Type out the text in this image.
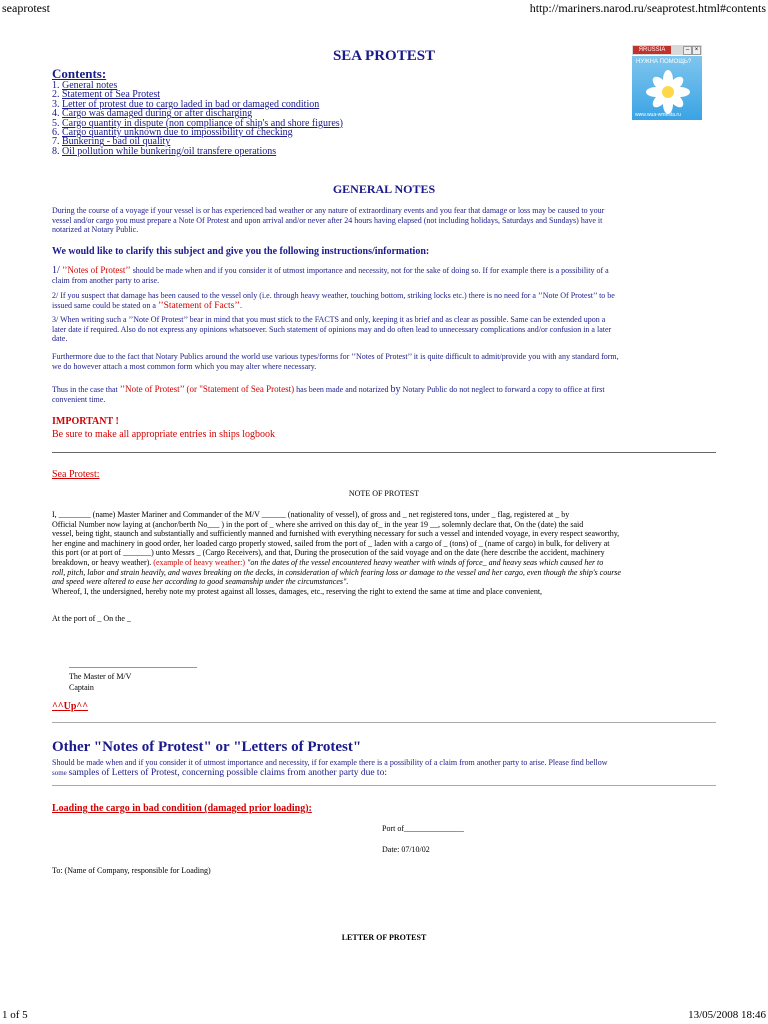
seaprotest	http://mariners.narod.ru/seaprotest.html#contents
SEA PROTEST
Contents:
1. General notes
2. Statement of Sea Protest
3. Letter of protest due to cargo laded in bad or damaged condition
4. Cargo was damaged during or after discharging
5. Cargo quantity in dispute (non compliance of ship's and shore figures)
6. Cargo quantity unknown due to impossibility of checking
7. Bunkering - bad oil quality
8. Oil pollution while bunkering/oil transfere operations
ЯRUSSIA	‒ ×
НУЖНА ПОМОЩЬ?
www.wua-wmesta.ru
GENERAL NOTES
During the course of a voyage if your vessel is or has experienced bad weather or any nature of extraordinary events and you fear that damage or loss may be caused to your
vessel and/or cargo you must prepare a Note Of Protest and upon arrival and/or never after 24 hours having elapsed (not including holidays, Saturdays and Sundays) have it
notarized at Notary Public.
We would like to clarify this subject and give you the following instructions/information:
1/ ’’Notes of Protest’’ should be made when and if you consider it of utmost importance and necessity, not for the sake of doing so. If for example there is a possibility of a
claim from another party to arise.
2/ If you suspect that damage has been caused to the vessel only (i.e. through heavy weather, touching bottom, striking locks etc.) there is no need for a ’’Note Of Protest’’ to be
issued same could be stated on a ’’Statement of Facts’’.
3/ When writing such a ’’Note Of Protest’’ bear in mind that you must stick to the FACTS and only, keeping it as brief and as clear as possible. Same can be extended upon a
later date if required. Also do not express any opinions whatsoever. Such statement of opinions may and do often lead to unnecessary complications and/or confusion in a later
date.
Furthermore due to the fact that Notary Publics around the world use various types/forms for ’’Notes of Protest’’ it is quite difficult to admit/provide you with any standard form,
we do however attach a most common form which you may alter where necessary.
Thus in the case that ’’Note of Protest’’ (or "Statement of Sea Protest) has been made and notarized by Notary Public do not neglect to forward a copy to office at first
convenient time.
IMPORTANT !
Be sure to make all appropriate entries in ships logbook
Sea Protest:
NOTE OF PROTEST
I, ________ (name) Master Mariner and Commander of the M/V ______ (nationality of vessel), of gross and _ net registered tons, under _ flag, registered at _ by
Official Number now laying at (anchor/berth No___ ) in the port of _ where she arrived on this day of_ in the year 19 __, solemnly declare that, On the (date) the said
vessel, being tight, staunch and substantially and sufficiently manned and furnished with everything necessary for such a vessel and intended voyage, in every respect seaworthy,
her engine and machinery in good order, her loaded cargo properly stowed, sailed from the port of _ laden with a cargo of _ (tons) of _ (name of cargo) in bulk, for delivery at
this port (or at port of _______) unto Messrs _ (Cargo Receivers), and that, During the prosecution of the said voyage and on the date (here describe the accident, machinery
breakdown, or heavy weather). (example of heavy weather:) "on the dates of the vessel encountered heavy weather with winds of force_ and heavy seas which caused her to
roll, pitch, labor and strain heavily, and waves breaking on the decks, in consideration of which fearing loss or damage to the vessel and her cargo, even though the ship's course
and speed were altered to ease her according to good seamanship under the circumstances".
Whereof, I, the undersigned, hereby note my protest against all losses, damages, etc., reserving the right to extend the same at time and place convenient,
At the port of _ On the _
________________________________
The Master of M/V
Captain
^^Up^^
Other "Notes of Protest" or "Letters of Protest"
Should be made when and if you consider it of utmost importance and necessity, if for example there is a possibility of a claim from another party to arise. Please find bellow
some samples of Letters of Protest, concerning possible claims from another party due to:
Loading the cargo in bad condition (damaged prior loading):
Port of_______________
Date: 07/10/02
To: (Name of Company, responsible for Loading)
LETTER OF PROTEST
1 of 5	13/05/2008 18:46
